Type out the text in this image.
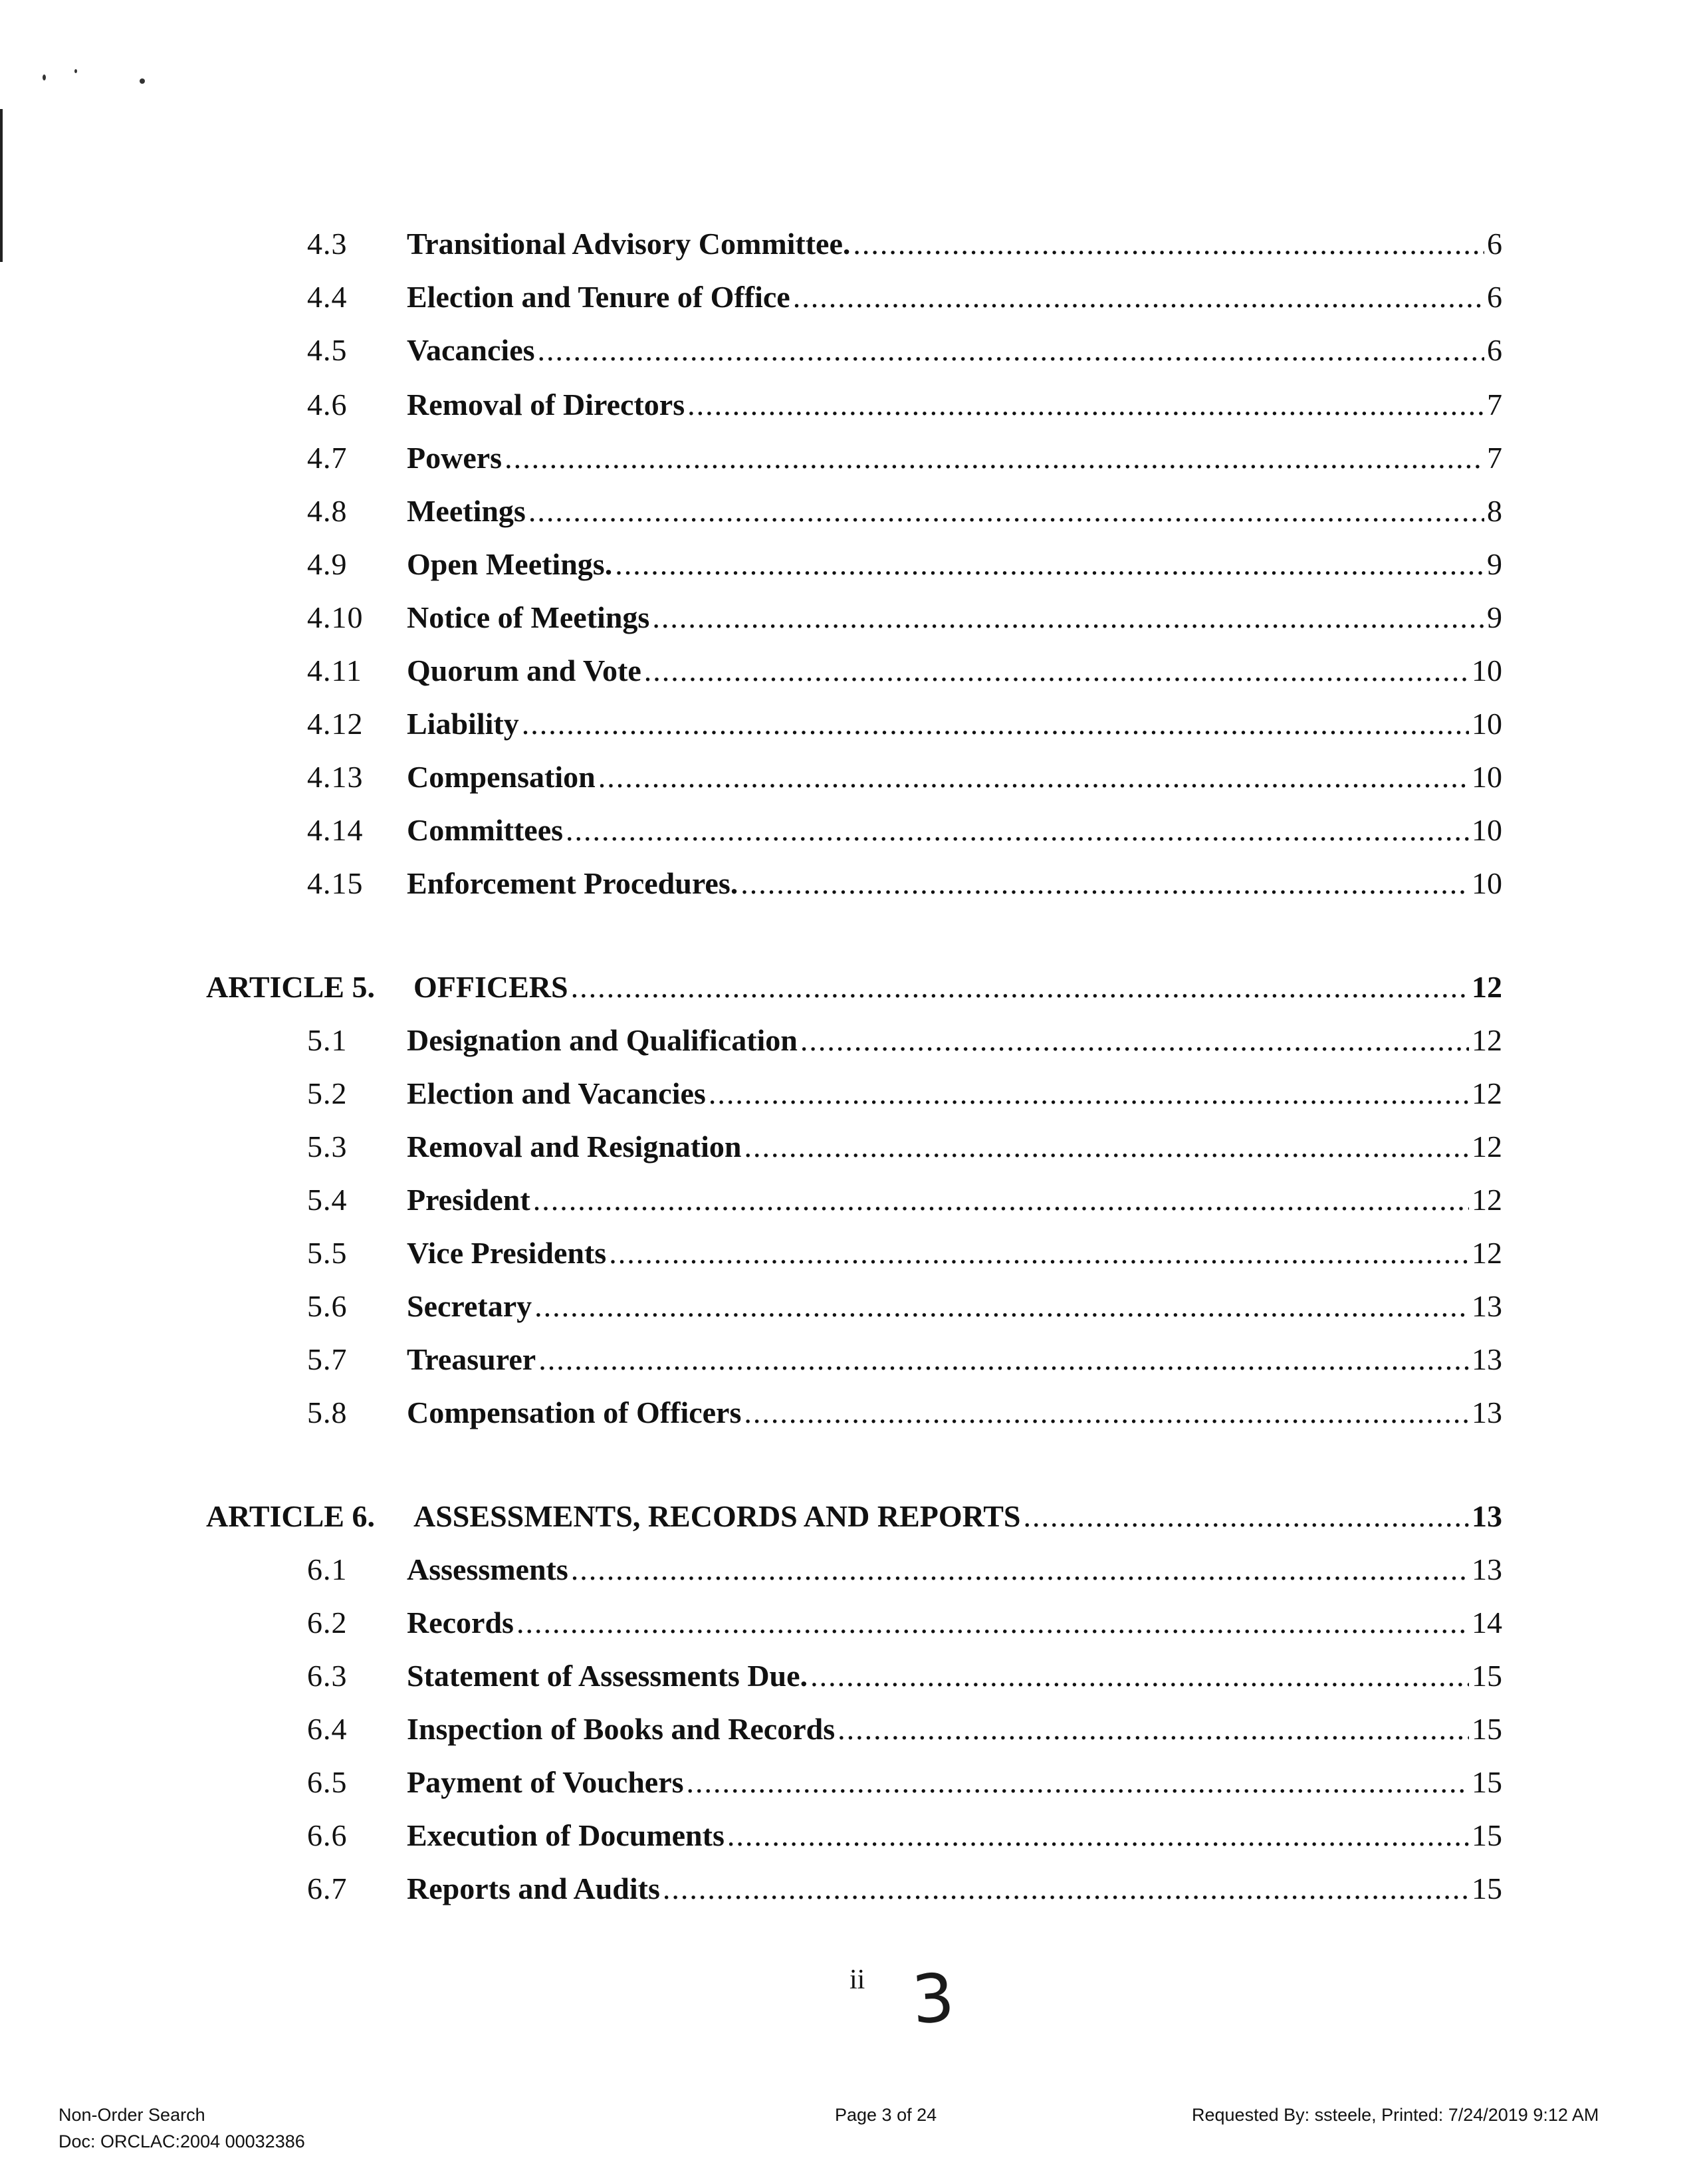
4.3 Transitional Advisory Committee. .....	6
4.4 Election and Tenure of Office .....	6
4.5 Vacancies .....	6
4.6 Removal of Directors .....	7
4.7 Powers .....	7
4.8 Meetings .....	8
4.9 Open Meetings. .....	9
4.10 Notice of Meetings .....	9
4.11 Quorum and Vote .....	10
4.12 Liability .....	10
4.13 Compensation .....	10
4.14 Committees .....	10
4.15 Enforcement Procedures. .....	10
ARTICLE 5.	OFFICERS .....	12
5.1 Designation and Qualification .....	12
5.2 Election and Vacancies .....	12
5.3 Removal and Resignation .....	12
5.4 President .....	12
5.5 Vice Presidents .....	12
5.6 Secretary .....	13
5.7 Treasurer .....	13
5.8 Compensation of Officers .....	13
ARTICLE 6.	ASSESSMENTS, RECORDS AND REPORTS .....	13
6.1 Assessments .....	13
6.2 Records .....	14
6.3 Statement of Assessments Due. .....	15
6.4 Inspection of Books and Records .....	15
6.5 Payment of Vouchers .....	15
6.6 Execution of Documents .....	15
6.7 Reports and Audits .....	15
ii 3
Non-Order Search
Doc: ORCLAC:2004 00032386
Page 3 of 24	Requested By: ssteele, Printed: 7/24/2019 9:12 AM
